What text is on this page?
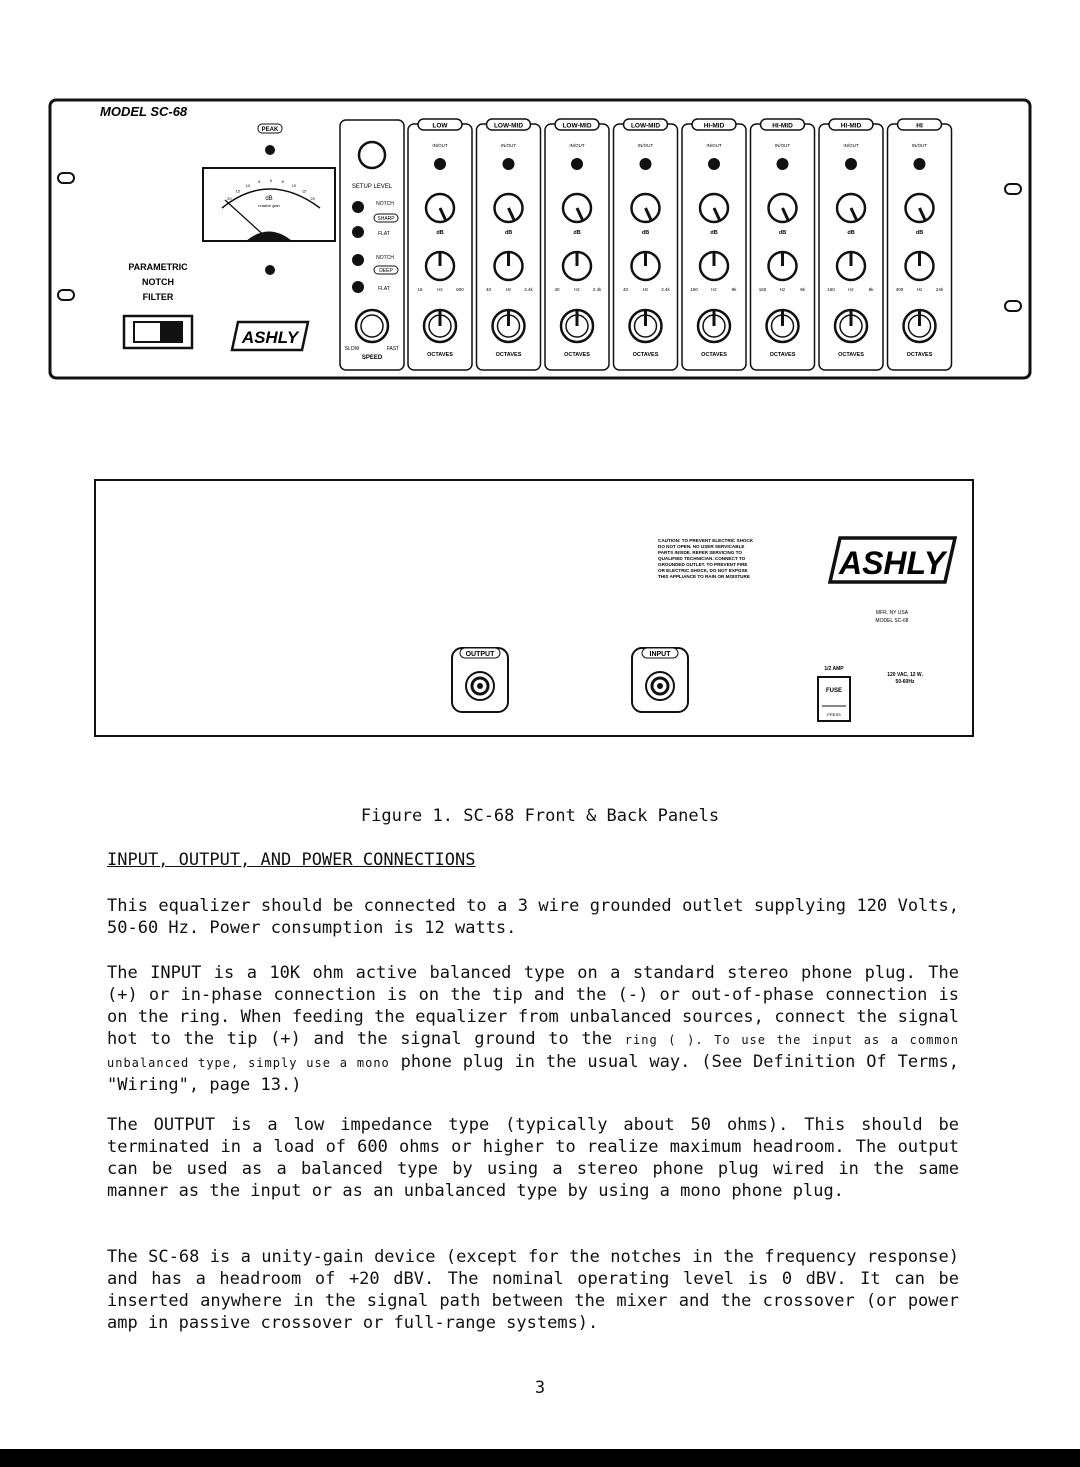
MODEL SC-68
PEAK
dB
relative gain
20
15
10
5 0 5
10
15
20
PARAMETRIC
NOTCH
FILTER
ASHLY
SETUP LEVEL
NOTCH
SHARP
FLAT
NOTCH
DEEP
FLAT
SLOW	FAST
SPEED
LOW
IN/OUT
dB
16	Hz	600
OCTAVES
LOW-MID
IN/OUT
dB
40	Hz	2.4k
OCTAVES
LOW-MID
IN/OUT
dB
40	Hz	2.4k
OCTAVES
LOW-MID
IN/OUT
dB
40	Hz	2.4k
OCTAVES
HI-MID
IN/OUT
dB
160	Hz	9k
OCTAVES
HI-MID
IN/OUT
dB
160	Hz	9k
OCTAVES
HI-MID
IN/OUT
dB
160	Hz	9k
OCTAVES
HI
IN/OUT
dB
400	Hz	24k
OCTAVES
CAUTION: TO PREVENT ELECTRIC SHOCK
DO NOT OPEN. NO USER SERVICABLE
PARTS INSIDE. REFER SERVICING TO
QUALIFIED TECHNICIAN. CONNECT TO
GROUNDED OUTLET. TO PREVENT FIRE
OR ELECTRIC SHOCK, DO NOT EXPOSE
THIS APPLIANCE TO RAIN OR MOISTURE	ASHLY
MFR. NY USA
MODEL SC-68
OUTPUT	INPUT
1/2 AMP
FUSE
PRESS
120 VAC, 12 W,
50-60Hz
Figure 1. SC-68 Front & Back Panels
INPUT, OUTPUT, AND POWER CONNECTIONS
This equalizer should be connected to a 3 wire grounded outlet supplying 120 Volts, 50-60 Hz. Power consumption is 12 watts.
The INPUT is a 10K ohm active balanced type on a standard stereo phone plug. The (+) or in-phase connection is on the tip and the (-) or out-of-phase connection is on the ring. When feeding the equalizer from unbalanced sources, connect the signal hot to the tip (+) and the signal ground to the ring ( ). To use the input as a common unbalanced type, simply use a mono phone plug in the usual way. (See Definition Of Terms, "Wiring", page 13.)
The OUTPUT is a low impedance type (typically about 50 ohms). This should be terminated in a load of 600 ohms or higher to realize maximum headroom. The output can be used as a balanced type by using a stereo phone plug wired in the same manner as the input or as an unbalanced type by using a mono phone plug.
The SC-68 is a unity-gain device (except for the notches in the frequency response) and has a headroom of +20 dBV. The nominal operating level is 0 dBV. It can be inserted anywhere in the signal path between the mixer and the crossover (or power amp in passive crossover or full-range systems).
3
